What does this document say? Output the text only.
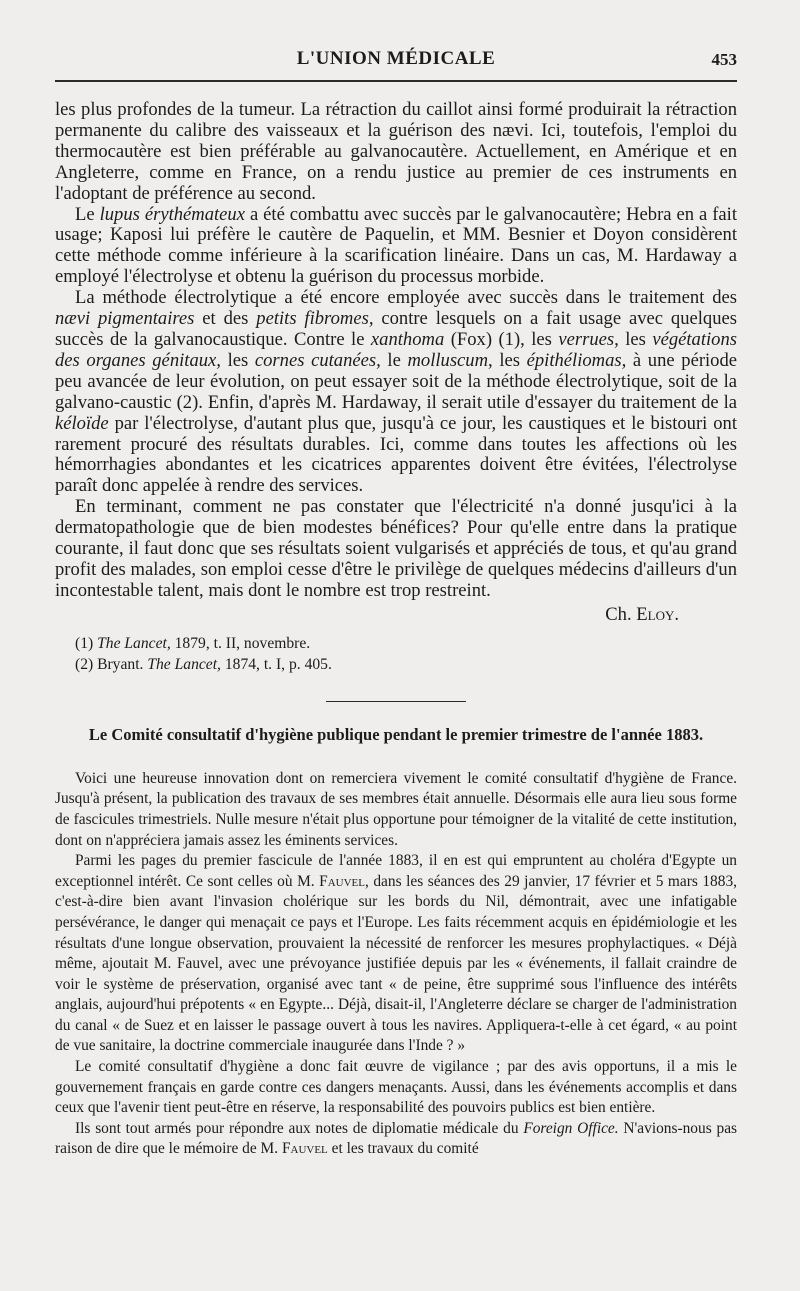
L'UNION MÉDICALE	453

les plus profondes de la tumeur. La rétraction du caillot ainsi formé produirait la rétraction permanente du calibre des vaisseaux et la guérison des nævi. Ici, toutefois, l'emploi du thermocautère est bien préférable au galvanocautère. Actuellement, en Amérique et en Angleterre, comme en France, on a rendu justice au premier de ces instruments en l'adoptant de préférence au second.

Le lupus érythémateux a été combattu avec succès par le galvanocautère; Hebra en a fait usage; Kaposi lui préfère le cautère de Paquelin, et MM. Besnier et Doyon considèrent cette méthode comme inférieure à la scarification linéaire. Dans un cas, M. Hardaway a employé l'électrolyse et obtenu la guérison du processus morbide.

La méthode électrolytique a été encore employée avec succès dans le traitement des nævi pigmentaires et des petits fibromes, contre lesquels on a fait usage avec quelques succès de la galvanocaustique. Contre le xanthoma (Fox) (1), les verrues, les végétations des organes génitaux, les cornes cutanées, le molluscum, les épithéliomas, à une période peu avancée de leur évolution, on peut essayer soit de la méthode électrolytique, soit de la galvano-caustic (2). Enfin, d'après M. Hardaway, il serait utile d'essayer du traitement de la kéloïde par l'électrolyse, d'autant plus que, jusqu'à ce jour, les caustiques et le bistouri ont rarement procuré des résultats durables. Ici, comme dans toutes les affections où les hémorrhagies abondantes et les cicatrices apparentes doivent être évitées, l'électrolyse paraît donc appelée à rendre des services.

En terminant, comment ne pas constater que l'électricité n'a donné jusqu'ici à la dermatopathologie que de bien modestes bénéfices? Pour qu'elle entre dans la pratique courante, il faut donc que ses résultats soient vulgarisés et appréciés de tous, et qu'au grand profit des malades, son emploi cesse d'être le privilège de quelques médecins d'ailleurs d'un incontestable talent, mais dont le nombre est trop restreint.

Ch. Eloy.
(1) The Lancet, 1879, t. II, novembre.
(2) Bryant. The Lancet, 1874, t. I, p. 405.
Le Comité consultatif d'hygiène publique pendant le premier trimestre de l'année 1883.

Voici une heureuse innovation dont on remerciera vivement le comité consultatif d'hygiène de France. Jusqu'à présent, la publication des travaux de ses membres était annuelle. Désormais elle aura lieu sous forme de fascicules trimestriels. Nulle mesure n'était plus opportune pour témoigner de la vitalité de cette institution, dont on n'appréciera jamais assez les éminents services.

Parmi les pages du premier fascicule de l'année 1883, il en est qui empruntent au choléra d'Egypte un exceptionnel intérêt. Ce sont celles où M. Fauvel, dans les séances des 29 janvier, 17 février et 5 mars 1883, c'est-à-dire bien avant l'invasion cholérique sur les bords du Nil, démontrait, avec une infatigable persévérance, le danger qui menaçait ce pays et l'Europe. Les faits récemment acquis en épidémiologie et les résultats d'une longue observation, prouvaient la nécessité de renforcer les mesures prophylactiques. « Déjà même, ajoutait M. Fauvel, avec une prévoyance justifiée depuis par les « événements, il fallait craindre de voir le système de préservation, organisé avec tant « de peine, être supprimé sous l'influence des intérêts anglais, aujourd'hui prépotents « en Egypte... Déjà, disait-il, l'Angleterre déclare se charger de l'administration du canal « de Suez et en laisser le passage ouvert à tous les navires. Appliquera-t-elle à cet égard, « au point de vue sanitaire, la doctrine commerciale inaugurée dans l'Inde ? »

Le comité consultatif d'hygiène a donc fait œuvre de vigilance ; par des avis opportuns, il a mis le gouvernement français en garde contre ces dangers menaçants. Aussi, dans les événements accomplis et dans ceux que l'avenir tient peut-être en réserve, la responsabilité des pouvoirs publics est bien entière.

Ils sont tout armés pour répondre aux notes de diplomatie médicale du Foreign Office. N'avions-nous pas raison de dire que le mémoire de M. Fauvel et les travaux du comité
